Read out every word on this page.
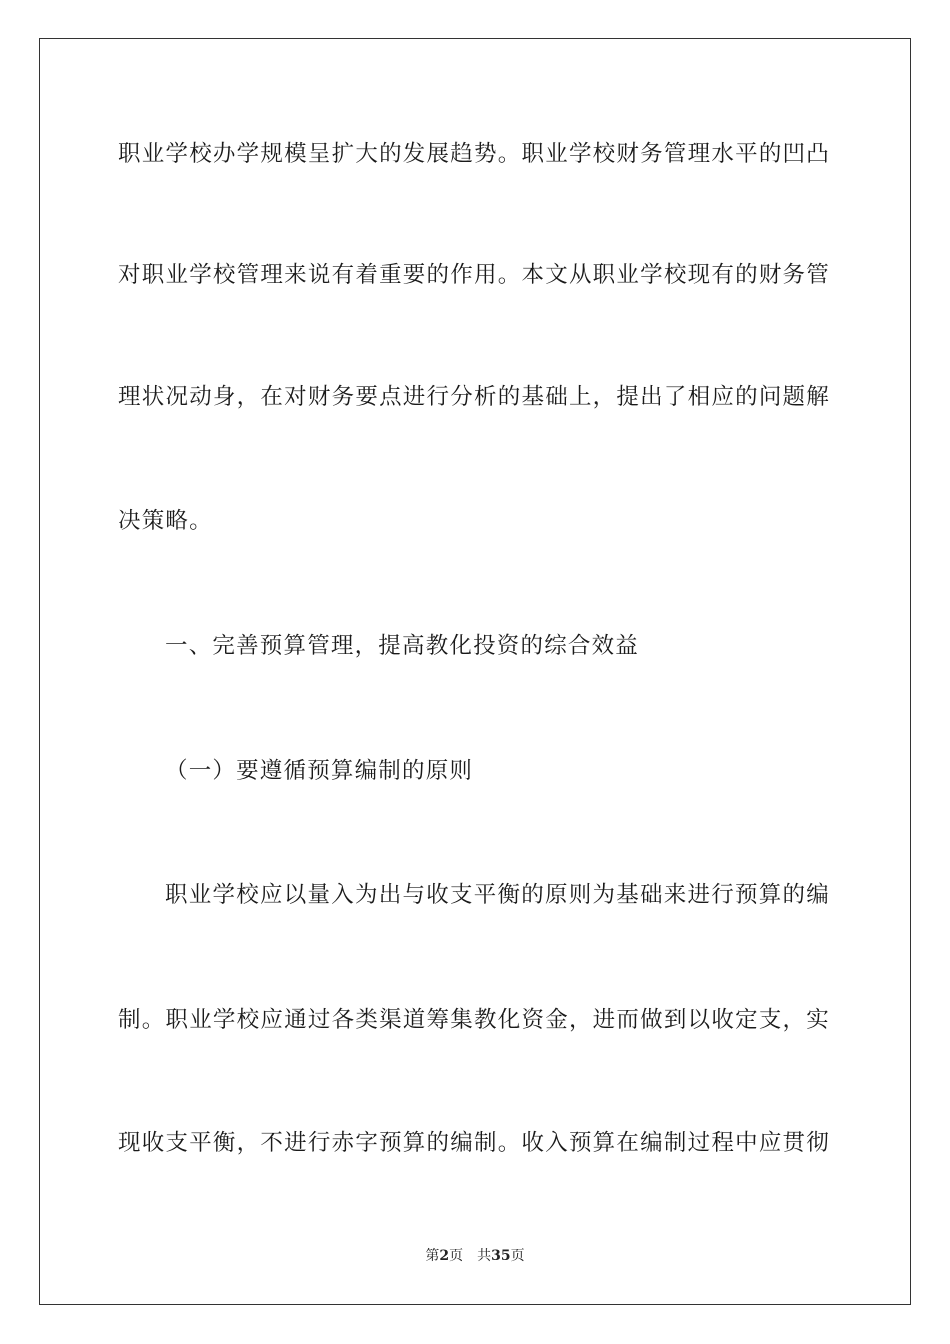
职业学校办学规模呈扩大的发展趋势。职业学校财务管理水平的凹凸
对职业学校管理来说有着重要的作用。本文从职业学校现有的财务管
理状况动身，在对财务要点进行分析的基础上，提出了相应的问题解
决策略。
一、完善预算管理，提高教化投资的综合效益
（一）要遵循预算编制的原则
职业学校应以量入为出与收支平衡的原则为基础来进行预算的编
制。职业学校应通过各类渠道筹集教化资金，进而做到以收定支，实
现收支平衡，不进行赤字预算的编制。收入预算在编制过程中应贯彻
第2页 共35页
